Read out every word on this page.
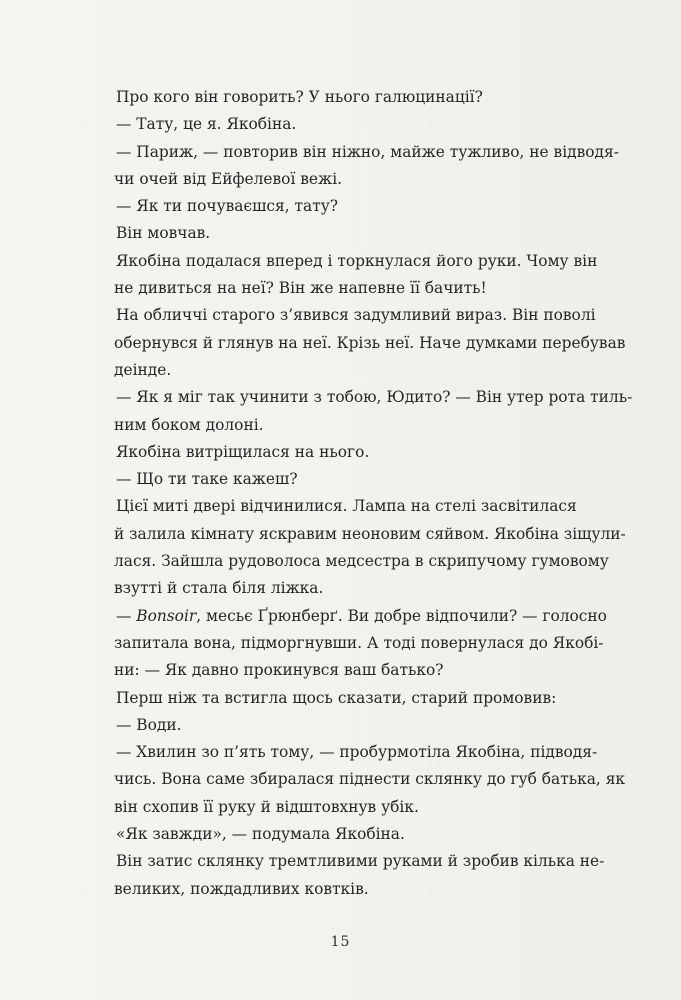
Про кого він говорить? У нього галюцинації?

— Тату, це я. Якобіна.

— Париж, — повторив він ніжно, майже тужливо, не відводя-
чи очей від Ейфелевої вежі.

— Як ти почуваєшся, тату?

Він мовчав.

Якобіна подалася вперед і торкнулася його руки. Чому він
не дивиться на неї? Він же напевне її бачить!

На обличчі старого з’явився задумливий вираз. Він поволі
обернувся й глянув на неї. Крізь неї. Наче думками перебував
деінде.

— Як я міг так учинити з тобою, Юдито? — Він утер рота тиль-
ним боком долоні.

Якобіна витріщилася на нього.

— Що ти таке кажеш?

Цієї миті двері відчинилися. Лампа на стелі засвітилася
й залила кімнату яскравим неоновим сяйвом. Якобіна зіщули-
лася. Зайшла рудоволоса медсестра в скрипучому гумовому
взутті й стала біля ліжка.

— Bonsoir, месьє Ґрюнберґ. Ви добре відпочили? — голосно
запитала вона, підморгнувши. А тоді повернулася до Якобі-
ни: — Як давно прокинувся ваш батько?

Перш ніж та встигла щось сказати, старий промовив:

— Води.

— Хвилин зо п’ять тому, — пробурмотіла Якобіна, підводя-
чись. Вона саме збиралася піднести склянку до губ батька, як
він схопив її руку й відштовхнув убік.

«Як завжди», — подумала Якобіна.

Він затис склянку тремтливими руками й зробив кілька не-
великих, пождадливих ковтків.

15
